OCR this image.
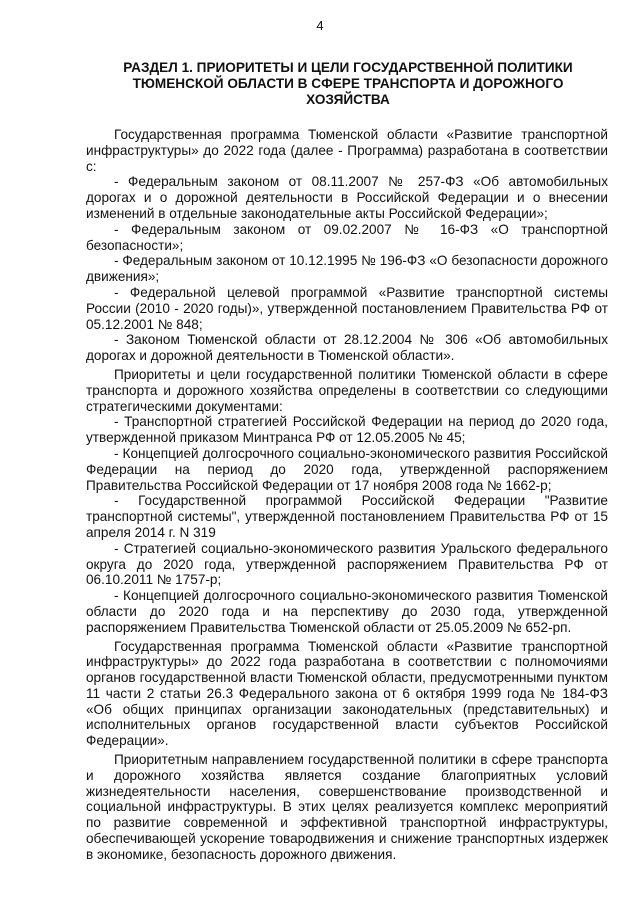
4
РАЗДЕЛ 1. ПРИОРИТЕТЫ И ЦЕЛИ ГОСУДАРСТВЕННОЙ ПОЛИТИКИ ТЮМЕНСКОЙ ОБЛАСТИ В СФЕРЕ ТРАНСПОРТА И ДОРОЖНОГО ХОЗЯЙСТВА

Государственная программа Тюменской области «Развитие транспортной инфраструктуры» до 2022 года (далее - Программа) разработана в соответствии с:

- Федеральным законом от 08.11.2007 № 257-ФЗ «Об автомобильных дорогах и о дорожной деятельности в Российской Федерации и о внесении изменений в отдельные законодательные акты Российской Федерации»;

- Федеральным законом от 09.02.2007 № 16-ФЗ «О транспортной безопасности»;

- Федеральным законом от 10.12.1995 № 196-ФЗ «О безопасности дорожного движения»;

- Федеральной целевой программой «Развитие транспортной системы России (2010 - 2020 годы)», утвержденной постановлением Правительства РФ от 05.12.2001 № 848;

- Законом Тюменской области от 28.12.2004 № 306 «Об автомобильных дорогах и дорожной деятельности в Тюменской области».

Приоритеты и цели государственной политики Тюменской области в сфере транспорта и дорожного хозяйства определены в соответствии со следующими стратегическими документами:

- Транспортной стратегией Российской Федерации на период до 2020 года, утвержденной приказом Минтранса РФ от 12.05.2005 № 45;

- Концепцией долгосрочного социально-экономического развития Российской Федерации на период до 2020 года, утвержденной распоряжением Правительства Российской Федерации от 17 ноября 2008 года № 1662-р;

- Государственной программой Российской Федерации "Развитие транспортной системы", утвержденной постановлением Правительства РФ от 15 апреля 2014 г. N 319

- Стратегией социально-экономического развития Уральского федерального округа до 2020 года, утвержденной распоряжением Правительства РФ от 06.10.2011 № 1757-р;

- Концепцией долгосрочного социально-экономического развития Тюменской области до 2020 года и на перспективу до 2030 года, утвержденной распоряжением Правительства Тюменской области от 25.05.2009 № 652-рп.

Государственная программа Тюменской области «Развитие транспортной инфраструктуры» до 2022 года разработана в соответствии с полномочиями органов государственной власти Тюменской области, предусмотренными пунктом 11 части 2 статьи 26.3 Федерального закона от 6 октября 1999 года № 184-ФЗ «Об общих принципах организации законодательных (представительных) и исполнительных органов государственной власти субъектов Российской Федерации».

Приоритетным направлением государственной политики в сфере транспорта и дорожного хозяйства является создание благоприятных условий жизнедеятельности населения, совершенствование производственной и социальной инфраструктуры. В этих целях реализуется комплекс мероприятий по развитие современной и эффективной транспортной инфраструктуры, обеспечивающей ускорение товародвижения и снижение транспортных издержек в экономике, безопасность дорожного движения.
